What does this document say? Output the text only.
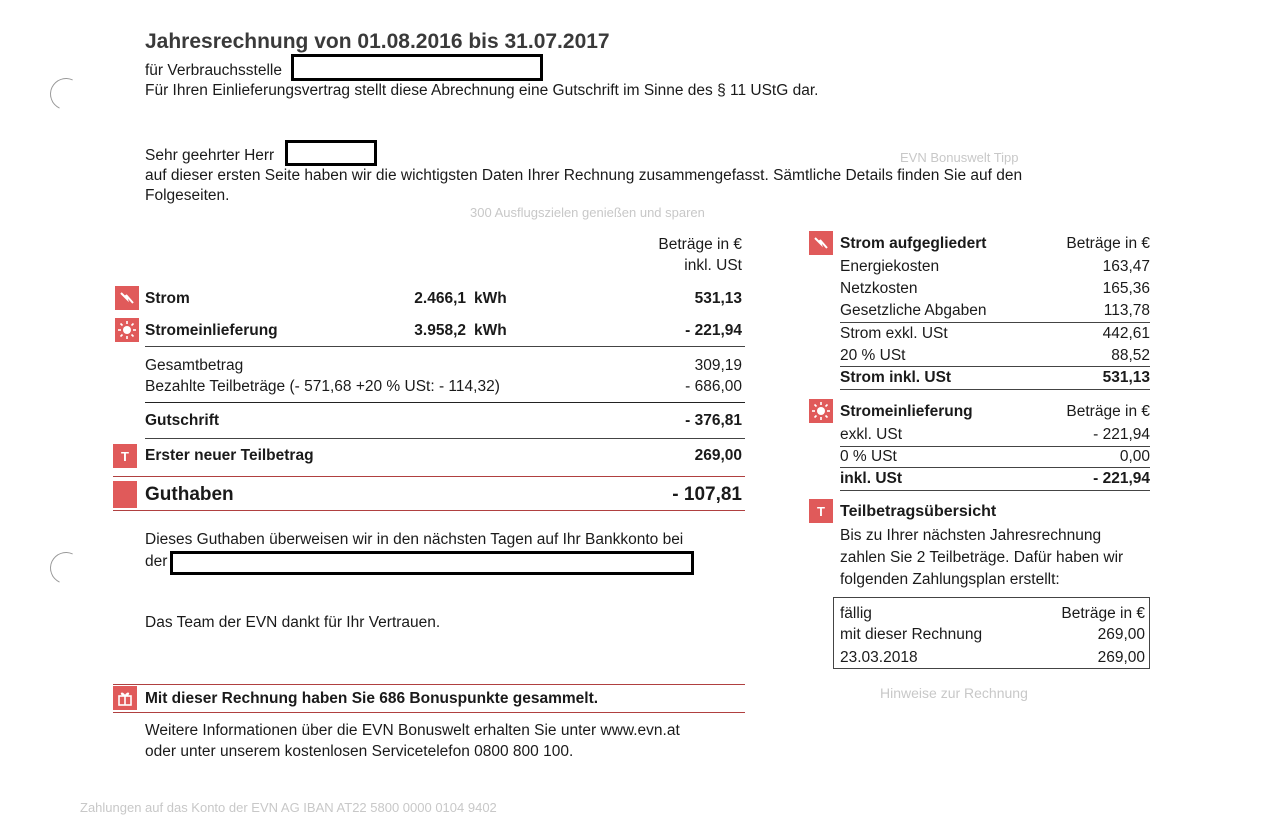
EVN Bonuswelt Tipp
300 Ausflugszielen genießen und sparen
Hinweise zur Rechnung
Zahlungen auf das Konto der EVN AG IBAN AT22 5800 0000 0104 9402
Jahresrechnung von 01.08.2016 bis 31.07.2017
für Verbrauchsstelle
Für Ihren Einlieferungsvertrag stellt diese Abrechnung eine Gutschrift im Sinne des § 11 UStG dar.
Sehr geehrter Herr
auf dieser ersten Seite haben wir die wichtigsten Daten Ihrer Rechnung zusammengefasst. Sämtliche Details finden Sie auf den
Folgeseiten.
Beträge in €
inkl. USt
Strom	2.466,1 kWh	531,13
Stromeinlieferung	3.958,2 kWh	- 221,94
Gesamtbetrag	309,19
Bezahlte Teilbeträge (- 571,68 +20 % USt: - 114,32)	- 686,00
Gutschrift	- 376,81
T	Erster neuer Teilbetrag	269,00
Guthaben	- 107,81
Dieses Guthaben überweisen wir in den nächsten Tagen auf Ihr Bankkonto bei
der
Das Team der EVN dankt für Ihr Vertrauen.
Mit dieser Rechnung haben Sie 686 Bonuspunkte gesammelt.
Weitere Informationen über die EVN Bonuswelt erhalten Sie unter www.evn.at
oder unter unserem kostenlosen Servicetelefon 0800 800 100.
Strom aufgegliedert	Beträge in €
Energiekosten	163,47
Netzkosten	165,36
Gesetzliche Abgaben	113,78
Strom exkl. USt	442,61
20 % USt	88,52
Strom inkl. USt	531,13
Stromeinlieferung	Beträge in €
exkl. USt	- 221,94
0 % USt	0,00
inkl. USt	- 221,94
T Teilbetragsübersicht
Bis zu Ihrer nächsten Jahresrechnung
zahlen Sie 2 Teilbeträge. Dafür haben wir
folgenden Zahlungsplan erstellt:
fällig	Beträge in €
mit dieser Rechnung	269,00
23.03.2018	269,00
